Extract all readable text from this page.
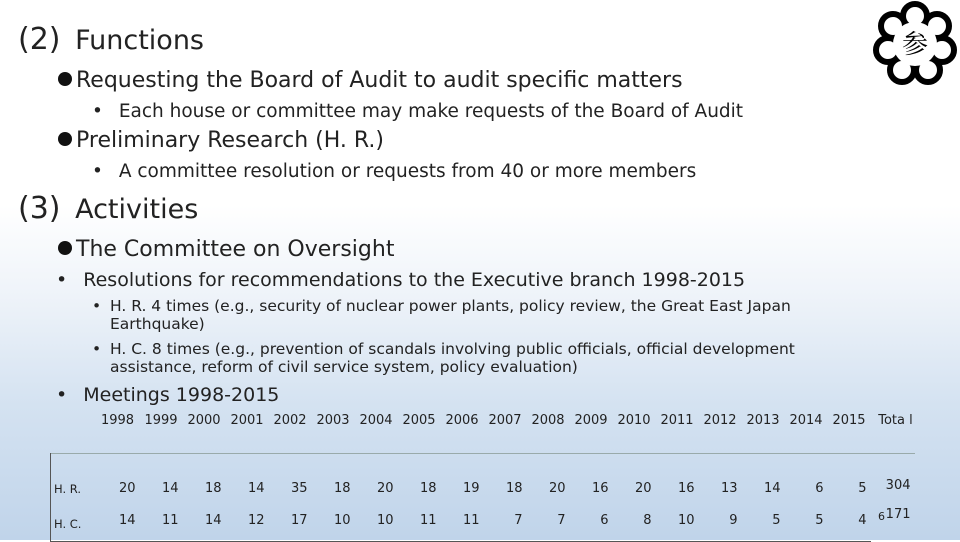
参
(2) Functions
Requesting the Board of Audit to audit specific matters
• Each house or committee may make requests of the Board of Audit
Preliminary Research (H. R.)
• A committee resolution or requests from 40 or more members
(3) Activities
The Committee on Oversight
• Resolutions for recommendations to the Executive branch 1998-2015
• H. R. 4 times (e.g., security of nuclear power plants, policy review, the Great East Japan Earthquake)
• H. C. 8 times (e.g., prevention of scandals involving public officials, official development assistance, reform of civil service system, policy evaluation)
• Meetings 1998-2015
	1998	1999	2000	2001	2002	2003	2004	2005	2006	2007	2008	2009	2010	2011	2012	2013	2014	2015	Tota l
H. R.	20	14	18	14	35	18	20	18	19	18	20	16	20	16	13	14	6	5	304
H. C.	14	11	14	12	17	10	10	11	11	7	7	6	8	10	9	5	5	4	171
6
